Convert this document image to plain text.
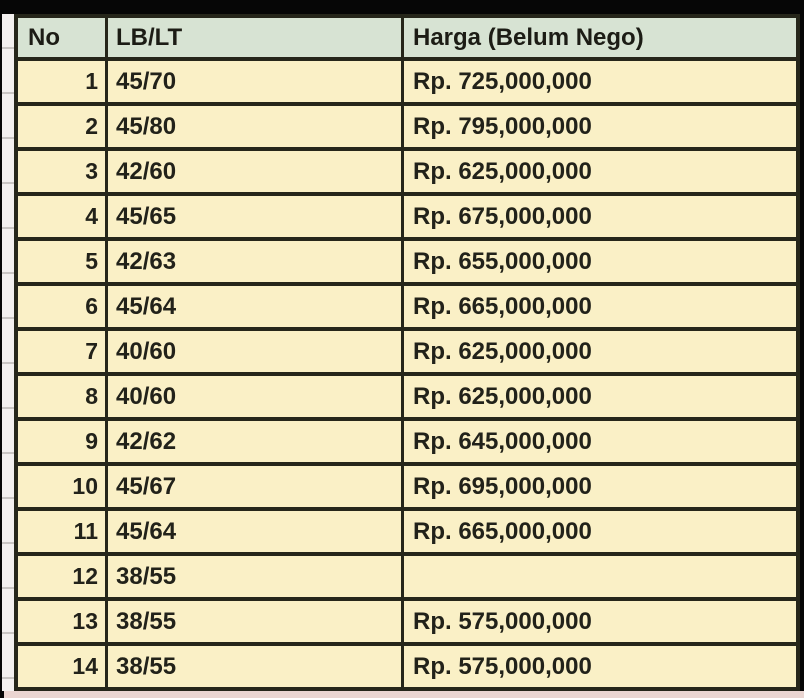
No	LB/LT	Harga (Belum Nego)
1 45/70	Rp. 725,000,000
2 45/80	Rp. 795,000,000
3 42/60	Rp. 625,000,000
4 45/65	Rp. 675,000,000
5 42/63	Rp. 655,000,000
6 45/64	Rp. 665,000,000
7 40/60	Rp. 625,000,000
8 40/60	Rp. 625,000,000
9 42/62	Rp. 645,000,000
10 45/67	Rp. 695,000,000
11 45/64	Rp. 665,000,000
12 38/55
13 38/55	Rp. 575,000,000
14 38/55	Rp. 575,000,000
